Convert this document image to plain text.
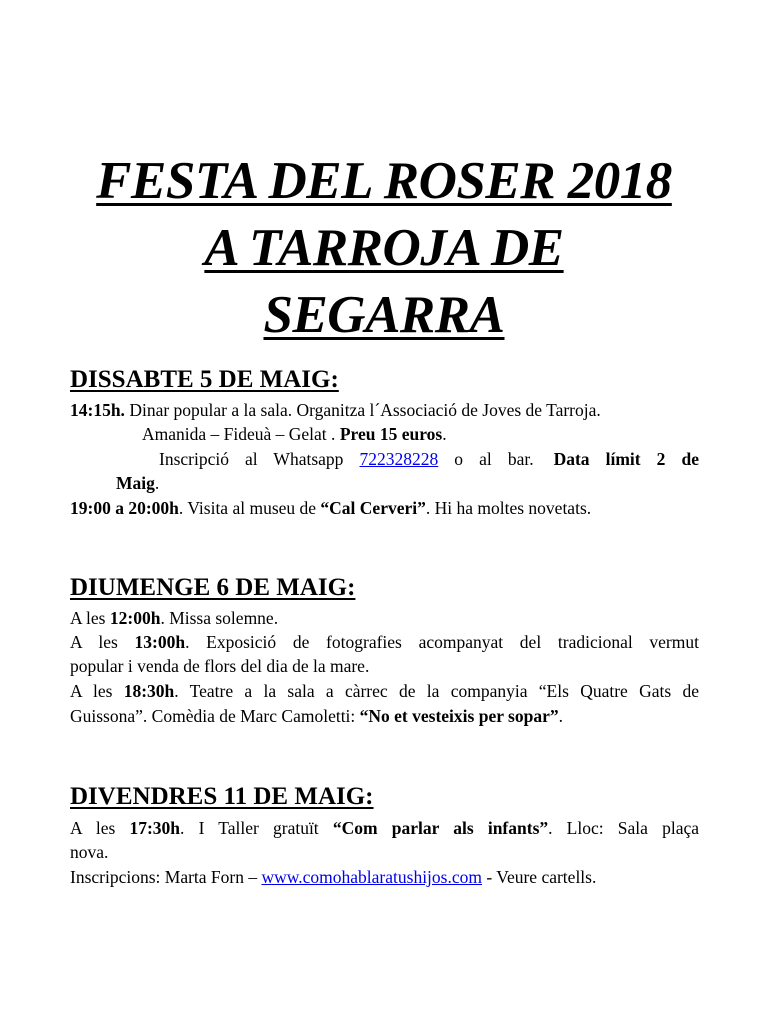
FESTA DEL ROSER 2018
A TARROJA DE
SEGARRA
DISSABTE 5 DE MAIG:
14:15h. Dinar popular a la sala. Organitza l´Associació de Joves de Tarroja.
Amanida – Fideuà – Gelat . Preu 15 euros.
Inscripció al Whatsapp 722328228 o al bar. Data límit 2 de
Maig.
19:00 a 20:00h. Visita al museu de “Cal Cerveri”. Hi ha moltes novetats.
DIUMENGE 6 DE MAIG:
A les 12:00h. Missa solemne.
A les 13:00h. Exposició de fotografies acompanyat del tradicional vermut
popular i venda de flors del dia de la mare.
A les 18:30h. Teatre a la sala a càrrec de la companyia “Els Quatre Gats de
Guissona”. Comèdia de Marc Camoletti: “No et vesteixis per sopar”.
DIVENDRES 11 DE MAIG:
A les 17:30h. I Taller gratuït “Com parlar als infants”. Lloc: Sala plaça
nova.
Inscripcions: Marta Forn – www.comohablaratushijos.com - Veure cartells.
